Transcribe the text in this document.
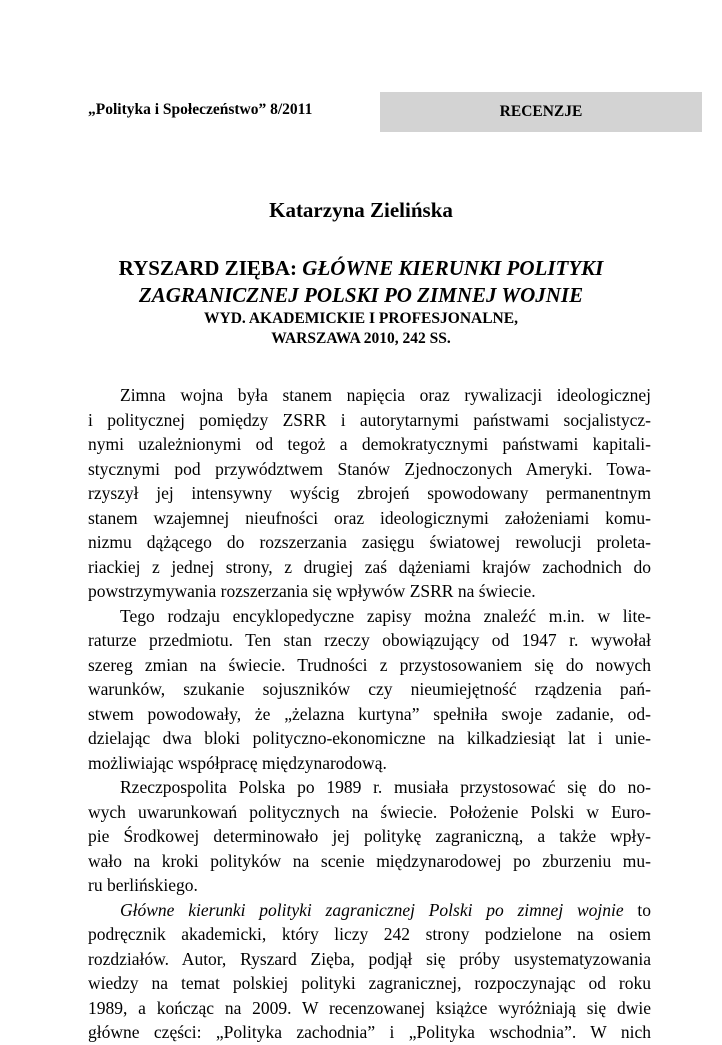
„Polityka i Społeczeństwo” 8/2011	RECENZJE
Katarzyna Zielińska
RYSZARD ZIĘBA: GŁÓWNE KIERUNKI POLITYKI
ZAGRANICZNEJ POLSKI PO ZIMNEJ WOJNIE
WYD. AKADEMICKIE I PROFESJONALNE,
WARSZAWA 2010, 242 SS.
Zimna wojna była stanem napięcia oraz rywalizacji ideologicznej
i politycznej pomiędzy ZSRR i autorytarnymi państwami socjalistycz-
nymi uzależnionymi od tegoż a demokratycznymi państwami kapitali-
stycznymi pod przywództwem Stanów Zjednoczonych Ameryki. Towa-
rzyszył jej intensywny wyścig zbrojeń spowodowany permanentnym
stanem wzajemnej nieufności oraz ideologicznymi założeniami komu-
nizmu dążącego do rozszerzania zasięgu światowej rewolucji proleta-
riackiej z jednej strony, z drugiej zaś dążeniami krajów zachodnich do
powstrzymywania rozszerzania się wpływów ZSRR na świecie.
Tego rodzaju encyklopedyczne zapisy można znaleźć m.in. w lite-
raturze przedmiotu. Ten stan rzeczy obowiązujący od 1947 r. wywołał
szereg zmian na świecie. Trudności z przystosowaniem się do nowych
warunków, szukanie sojuszników czy nieumiejętność rządzenia pań-
stwem powodowały, że „żelazna kurtyna” spełniła swoje zadanie, od-
dzielając dwa bloki polityczno-ekonomiczne na kilkadziesiąt lat i unie-
możliwiając współpracę międzynarodową.
Rzeczpospolita Polska po 1989 r. musiała przystosować się do no-
wych uwarunkowań politycznych na świecie. Położenie Polski w Euro-
pie Środkowej determinowało jej politykę zagraniczną, a także wpły-
wało na kroki polityków na scenie międzynarodowej po zburzeniu mu-
ru berlińskiego.
Główne kierunki polityki zagranicznej Polski po zimnej wojnie to
podręcznik akademicki, który liczy 242 strony podzielone na osiem
rozdziałów. Autor, Ryszard Zięba, podjął się próby usystematyzowania
wiedzy na temat polskiej polityki zagranicznej, rozpoczynając od roku
1989, a kończąc na 2009. W recenzowanej książce wyróżniają się dwie
główne części: „Polityka zachodnia” i „Polityka wschodnia”. W nich
